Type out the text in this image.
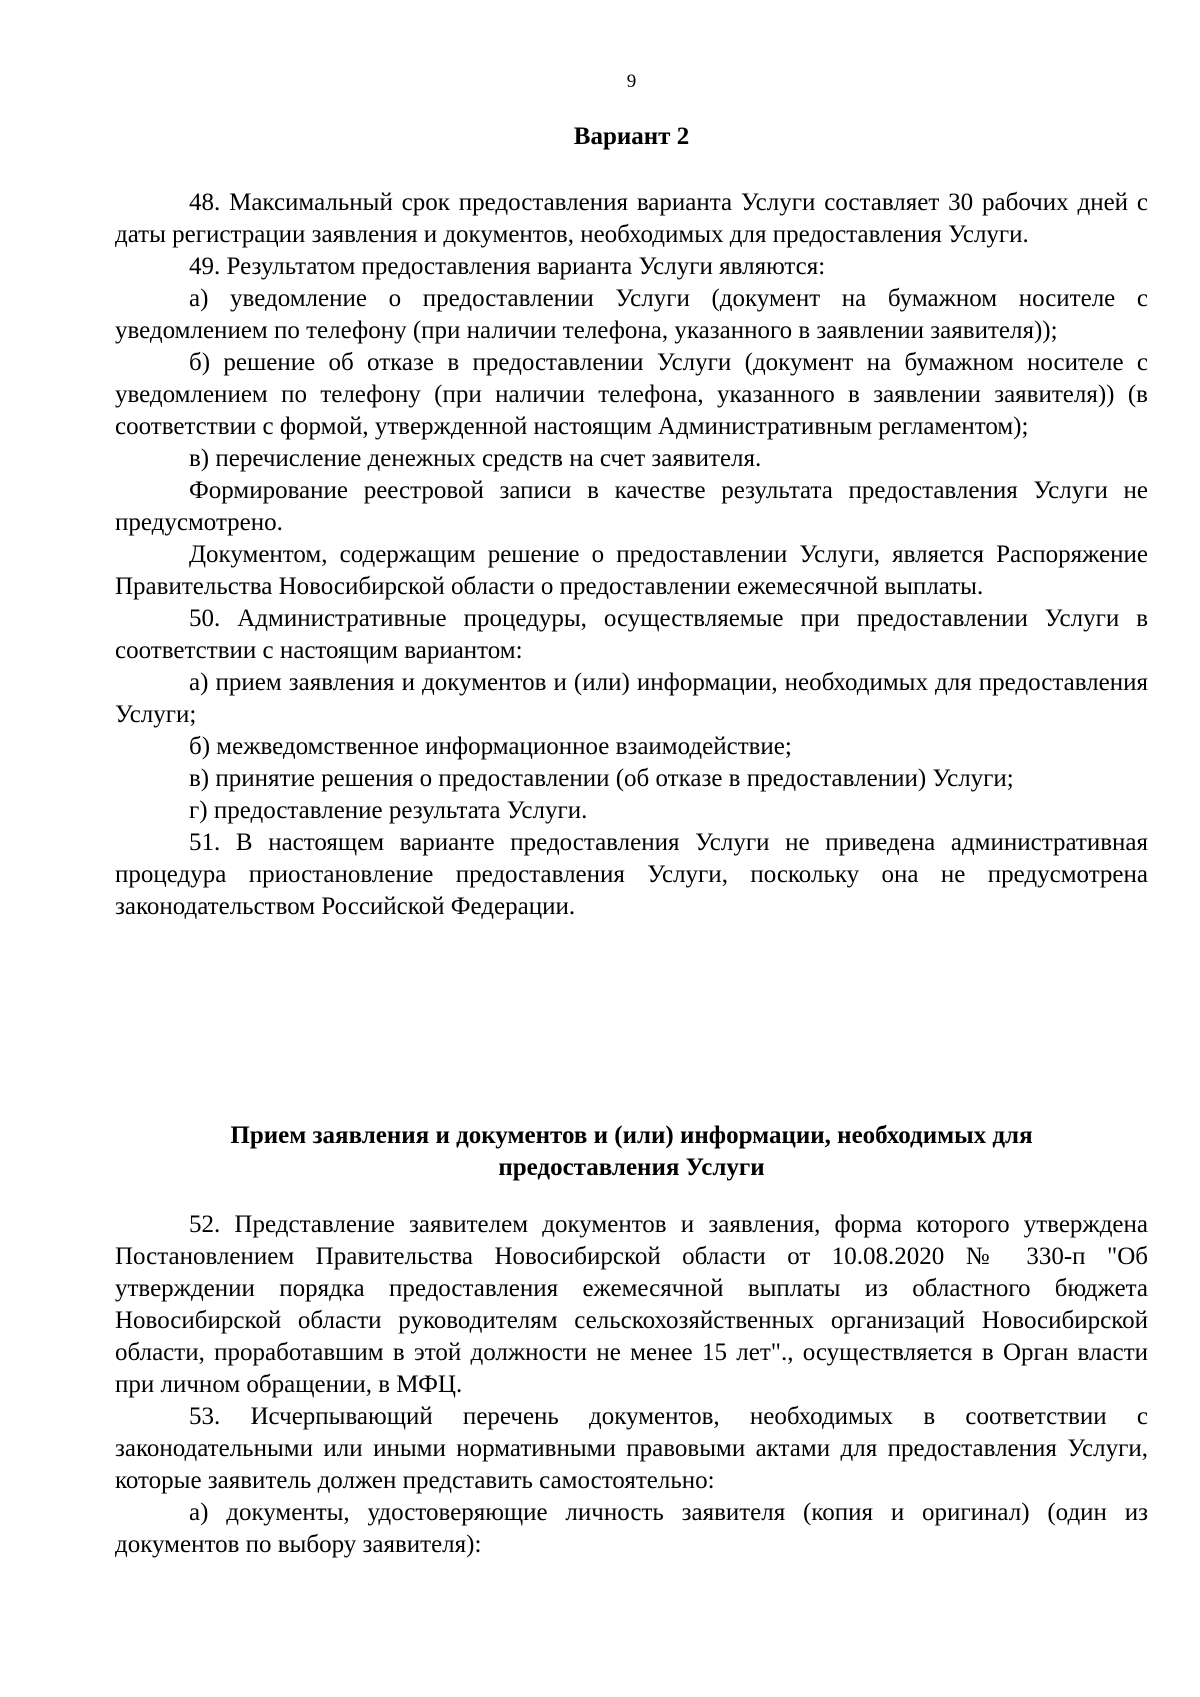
9
Вариант 2

48. Максимальный срок предоставления варианта Услуги составляет 30 рабочих дней с даты регистрации заявления и документов, необходимых для предоставления Услуги.

49. Результатом предоставления варианта Услуги являются:

а) уведомление о предоставлении Услуги (документ на бумажном носителе с уведомлением по телефону (при наличии телефона, указанного в заявлении заявителя));

б) решение об отказе в предоставлении Услуги (документ на бумажном носителе с уведомлением по телефону (при наличии телефона, указанного в заявлении заявителя)) (в соответствии с формой, утвержденной настоящим Административным регламентом);

в) перечисление денежных средств на счет заявителя.

Формирование реестровой записи в качестве результата предоставления Услуги не предусмотрено.

Документом, содержащим решение о предоставлении Услуги, является Распоряжение Правительства Новосибирской области о предоставлении ежемесячной выплаты.

50. Административные процедуры, осуществляемые при предоставлении Услуги в соответствии с настоящим вариантом:

а) прием заявления и документов и (или) информации, необходимых для предоставления Услуги;

б) межведомственное информационное взаимодействие;

в) принятие решения о предоставлении (об отказе в предоставлении) Услуги;

г) предоставление результата Услуги.

51. В настоящем варианте предоставления Услуги не приведена административная процедура приостановление предоставления Услуги, поскольку она не предусмотрена законодательством Российской Федерации.

Прием заявления и документов и (или) информации, необходимых для
предоставления Услуги

52. Представление заявителем документов и заявления, форма которого утверждена Постановлением Правительства Новосибирской области от 10.08.2020 № 330-п "Об утверждении порядка предоставления ежемесячной выплаты из областного бюджета Новосибирской области руководителям сельскохозяйственных организаций Новосибирской области, проработавшим в этой должности не менее 15 лет"., осуществляется в Орган власти при личном обращении, в МФЦ.

53. Исчерпывающий перечень документов, необходимых в соответствии с законодательными или иными нормативными правовыми актами для предоставления Услуги, которые заявитель должен представить самостоятельно:

а) документы, удостоверяющие личность заявителя (копия и оригинал) (один из документов по выбору заявителя):
